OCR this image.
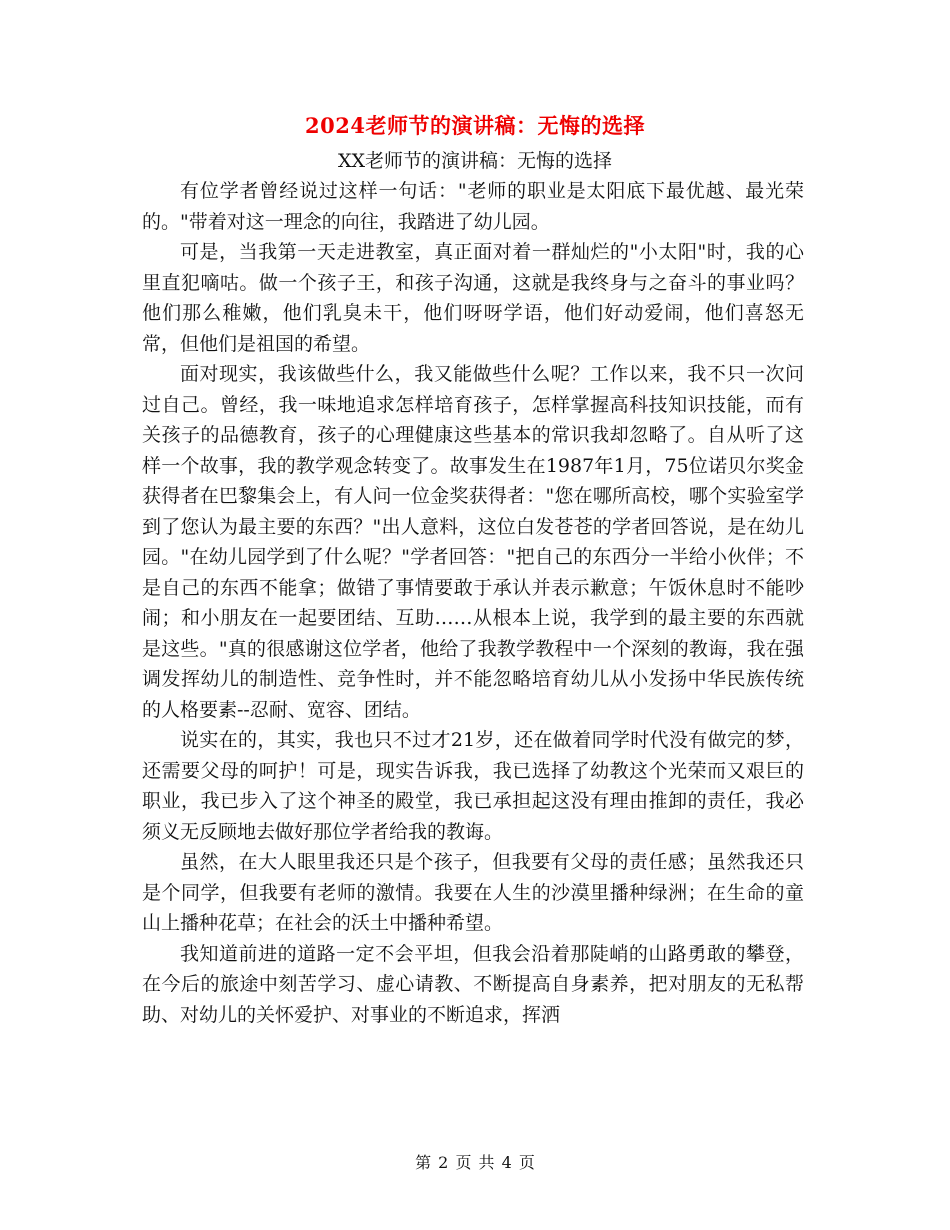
2024老师节的演讲稿：无悔的选择
XX老师节的演讲稿：无悔的选择

有位学者曾经说过这样一句话："老师的职业是太阳底下最优越、最光荣的。"带着对这一理念的向往，我踏进了幼儿园。

可是，当我第一天走进教室，真正面对着一群灿烂的"小太阳"时，我的心里直犯嘀咕。做一个孩子王，和孩子沟通，这就是我终身与之奋斗的事业吗？他们那么稚嫩，他们乳臭未干，他们呀呀学语，他们好动爱闹，他们喜怒无常，但他们是祖国的希望。

面对现实，我该做些什么，我又能做些什么呢？工作以来，我不只一次问过自己。曾经，我一味地追求怎样培育孩子，怎样掌握高科技知识技能，而有关孩子的品德教育，孩子的心理健康这些基本的常识我却忽略了。自从听了这样一个故事，我的教学观念转变了。故事发生在1987年1月，75位诺贝尔奖金获得者在巴黎集会上，有人问一位金奖获得者："您在哪所高校，哪个实验室学到了您认为最主要的东西？"出人意料，这位白发苍苍的学者回答说，是在幼儿园。"在幼儿园学到了什么呢？"学者回答："把自己的东西分一半给小伙伴；不是自己的东西不能拿；做错了事情要敢于承认并表示歉意；午饭休息时不能吵闹；和小朋友在一起要团结、互助……从根本上说，我学到的最主要的东西就是这些。"真的很感谢这位学者，他给了我教学教程中一个深刻的教诲，我在强调发挥幼儿的制造性、竞争性时，并不能忽略培育幼儿从小发扬中华民族传统的人格要素--忍耐、宽容、团结。

说实在的，其实，我也只不过才21岁，还在做着同学时代没有做完的梦，还需要父母的呵护！可是，现实告诉我，我已选择了幼教这个光荣而又艰巨的职业，我已步入了这个神圣的殿堂，我已承担起这没有理由推卸的责任，我必须义无反顾地去做好那位学者给我的教诲。

虽然，在大人眼里我还只是个孩子，但我要有父母的责任感；虽然我还只是个同学，但我要有老师的激情。我要在人生的沙漠里播种绿洲；在生命的童山上播种花草；在社会的沃土中播种希望。

我知道前进的道路一定不会平坦，但我会沿着那陡峭的山路勇敢的攀登，在今后的旅途中刻苦学习、虚心请教、不断提高自身素养，把对朋友的无私帮助、对幼儿的关怀爱护、对事业的不断追求，挥洒

第 2 页 共 4 页
